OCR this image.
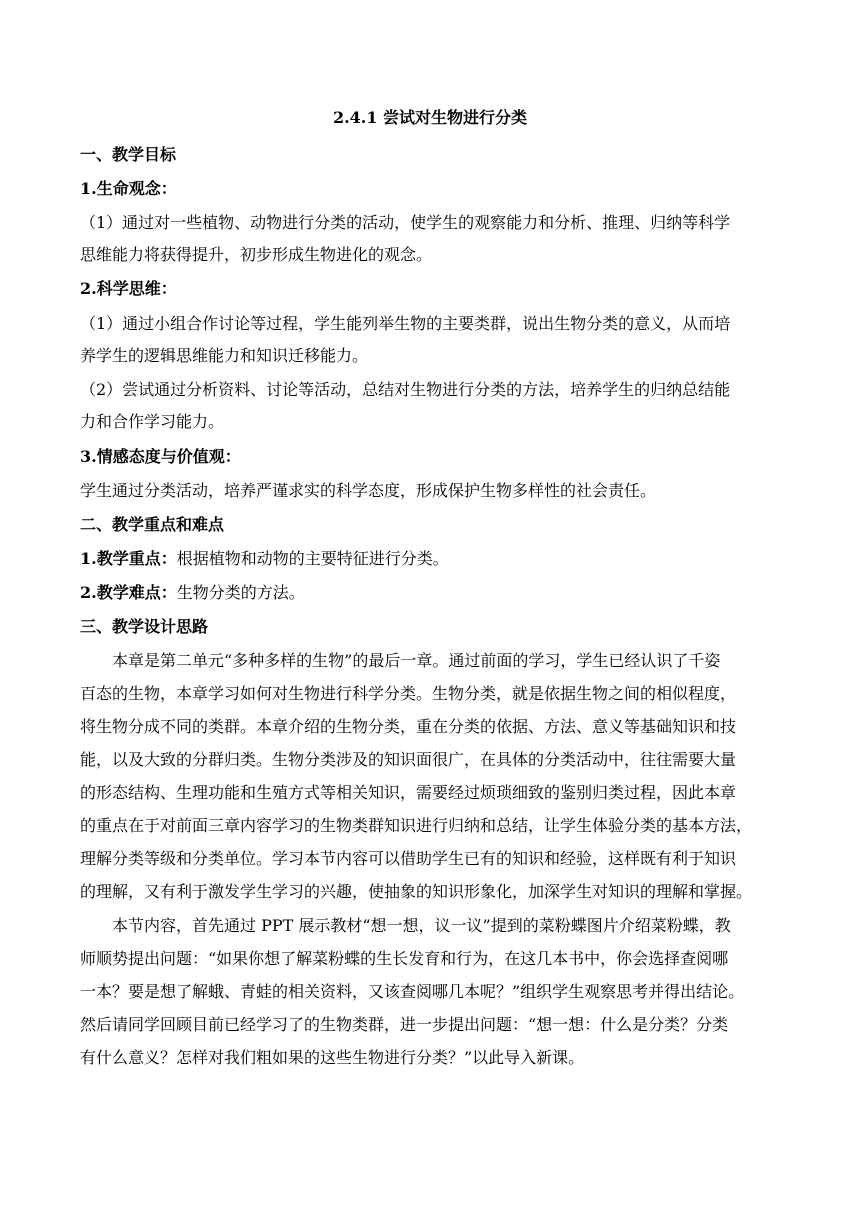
2.4.1 尝试对生物进行分类
一、教学目标
1.生命观念：
（1）通过对一些植物、动物进行分类的活动，使学生的观察能力和分析、推理、归纳等科学
思维能力将获得提升，初步形成生物进化的观念。
2.科学思维：
（1）通过小组合作讨论等过程，学生能列举生物的主要类群，说出生物分类的意义，从而培
养学生的逻辑思维能力和知识迁移能力。
（2）尝试通过分析资料、讨论等活动，总结对生物进行分类的方法，培养学生的归纳总结能
力和合作学习能力。
3.情感态度与价值观：
学生通过分类活动，培养严谨求实的科学态度，形成保护生物多样性的社会责任。
二、教学重点和难点
1.教学重点：根据植物和动物的主要特征进行分类。
2.教学难点：生物分类的方法。
三、教学设计思路
本章是第二单元“多种多样的生物”的最后一章。通过前面的学习，学生已经认识了千姿
百态的生物，本章学习如何对生物进行科学分类。生物分类，就是依据生物之间的相似程度，
将生物分成不同的类群。本章介绍的生物分类，重在分类的依据、方法、意义等基础知识和技
能，以及大致的分群归类。生物分类涉及的知识面很广，在具体的分类活动中，往往需要大量
的形态结构、生理功能和生殖方式等相关知识，需要经过烦琐细致的鉴别归类过程，因此本章
的重点在于对前面三章内容学习的生物类群知识进行归纳和总结，让学生体验分类的基本方法，
理解分类等级和分类单位。学习本节内容可以借助学生已有的知识和经验，这样既有利于知识
的理解，又有利于激发学生学习的兴趣，使抽象的知识形象化，加深学生对知识的理解和掌握。
本节内容，首先通过 PPT 展示教材“想一想，议一议”提到的菜粉蝶图片介绍菜粉蝶，教
师顺势提出问题：“如果你想了解菜粉蝶的生长发育和行为，在这几本书中，你会选择查阅哪
一本？要是想了解蛾、青蛙的相关资料，又该查阅哪几本呢？”组织学生观察思考并得出结论。
然后请同学回顾目前已经学习了的生物类群，进一步提出问题：“想一想：什么是分类？分类
有什么意义？怎样对我们粗如果的这些生物进行分类？”以此导入新课。
